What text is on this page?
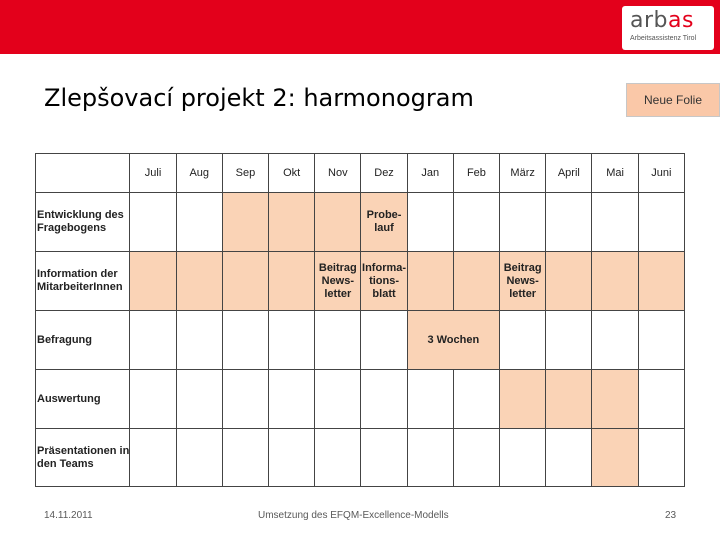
arbas
Arbeitsassistenz Tirol
Zlepšovací projekt 2: harmonogram	Neue Folie
	Juli	Aug	Sep	Okt	Nov	Dez	Jan	Feb	März	April	Mai	Juni
Entwicklung des Fragebogens						Probe-lauf						
Information der MitarbeiterInnen					Beitrag News-letter	Informa-tions-blatt			Beitrag News-letter			
Befragung							3 Wochen					
Auswertung												
Präsentationen in den Teams												
14.11.2011	Umsetzung des EFQM-Excellence-Modells	23
